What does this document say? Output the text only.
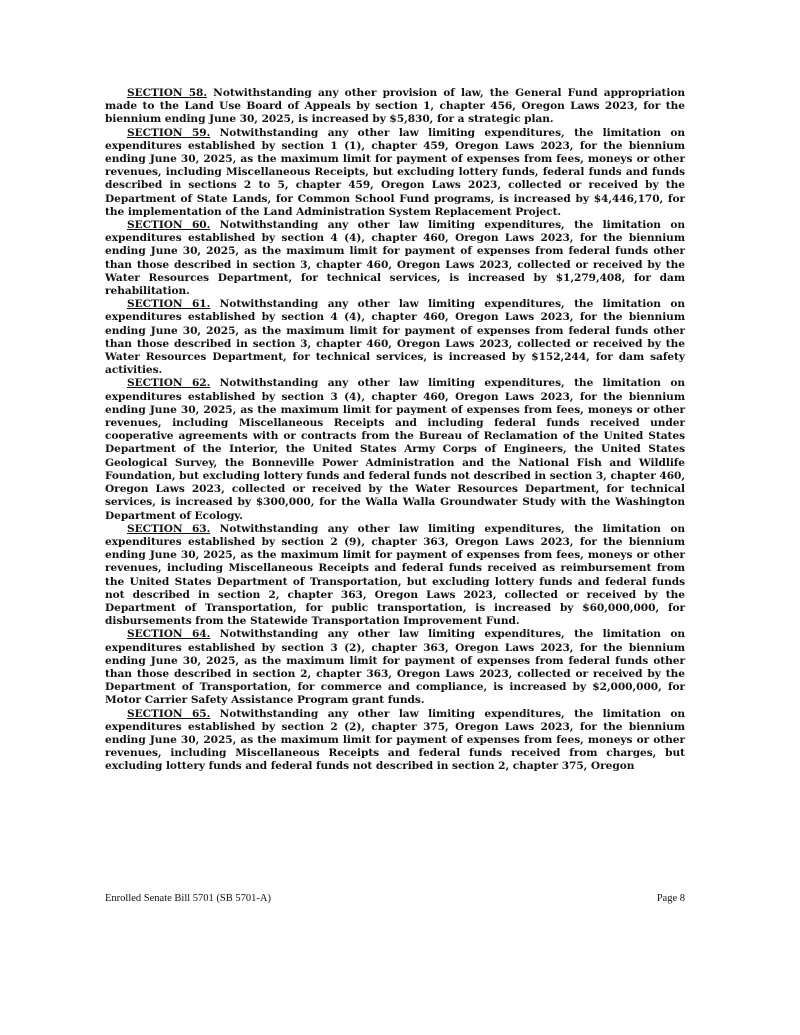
SECTION 58. Notwithstanding any other provision of law, the General Fund appropriation made to the Land Use Board of Appeals by section 1, chapter 456, Oregon Laws 2023, for the biennium ending June 30, 2025, is increased by $5,830, for a strategic plan.

SECTION 59. Notwithstanding any other law limiting expenditures, the limitation on expenditures established by section 1 (1), chapter 459, Oregon Laws 2023, for the biennium ending June 30, 2025, as the maximum limit for payment of expenses from fees, moneys or other revenues, including Miscellaneous Receipts, but excluding lottery funds, federal funds and funds described in sections 2 to 5, chapter 459, Oregon Laws 2023, collected or received by the Department of State Lands, for Common School Fund programs, is increased by $4,446,170, for the implementation of the Land Administration System Replacement Project.

SECTION 60. Notwithstanding any other law limiting expenditures, the limitation on expenditures established by section 4 (4), chapter 460, Oregon Laws 2023, for the biennium ending June 30, 2025, as the maximum limit for payment of expenses from federal funds other than those described in section 3, chapter 460, Oregon Laws 2023, collected or received by the Water Resources Department, for technical services, is increased by $1,279,408, for dam rehabilitation.

SECTION 61. Notwithstanding any other law limiting expenditures, the limitation on expenditures established by section 4 (4), chapter 460, Oregon Laws 2023, for the biennium ending June 30, 2025, as the maximum limit for payment of expenses from federal funds other than those described in section 3, chapter 460, Oregon Laws 2023, collected or received by the Water Resources Department, for technical services, is increased by $152,244, for dam safety activities.

SECTION 62. Notwithstanding any other law limiting expenditures, the limitation on expenditures established by section 3 (4), chapter 460, Oregon Laws 2023, for the biennium ending June 30, 2025, as the maximum limit for payment of expenses from fees, moneys or other revenues, including Miscellaneous Receipts and including federal funds received under cooperative agreements with or contracts from the Bureau of Reclamation of the United States Department of the Interior, the United States Army Corps of Engineers, the United States Geological Survey, the Bonneville Power Administration and the National Fish and Wildlife Foundation, but excluding lottery funds and federal funds not described in section 3, chapter 460, Oregon Laws 2023, collected or received by the Water Resources Department, for technical services, is increased by $300,000, for the Walla Walla Groundwater Study with the Washington Department of Ecology.

SECTION 63. Notwithstanding any other law limiting expenditures, the limitation on expenditures established by section 2 (9), chapter 363, Oregon Laws 2023, for the biennium ending June 30, 2025, as the maximum limit for payment of expenses from fees, moneys or other revenues, including Miscellaneous Receipts and federal funds received as reimbursement from the United States Department of Transportation, but excluding lottery funds and federal funds not described in section 2, chapter 363, Oregon Laws 2023, collected or received by the Department of Transportation, for public transportation, is increased by $60,000,000, for disbursements from the Statewide Transportation Improvement Fund.

SECTION 64. Notwithstanding any other law limiting expenditures, the limitation on expenditures established by section 3 (2), chapter 363, Oregon Laws 2023, for the biennium ending June 30, 2025, as the maximum limit for payment of expenses from federal funds other than those described in section 2, chapter 363, Oregon Laws 2023, collected or received by the Department of Transportation, for commerce and compliance, is increased by $2,000,000, for Motor Carrier Safety Assistance Program grant funds.

SECTION 65. Notwithstanding any other law limiting expenditures, the limitation on expenditures established by section 2 (2), chapter 375, Oregon Laws 2023, for the biennium ending June 30, 2025, as the maximum limit for payment of expenses from fees, moneys or other revenues, including Miscellaneous Receipts and federal funds received from charges, but excluding lottery funds and federal funds not described in section 2, chapter 375, Oregon

Enrolled Senate Bill 5701 (SB 5701-A)	Page 8
